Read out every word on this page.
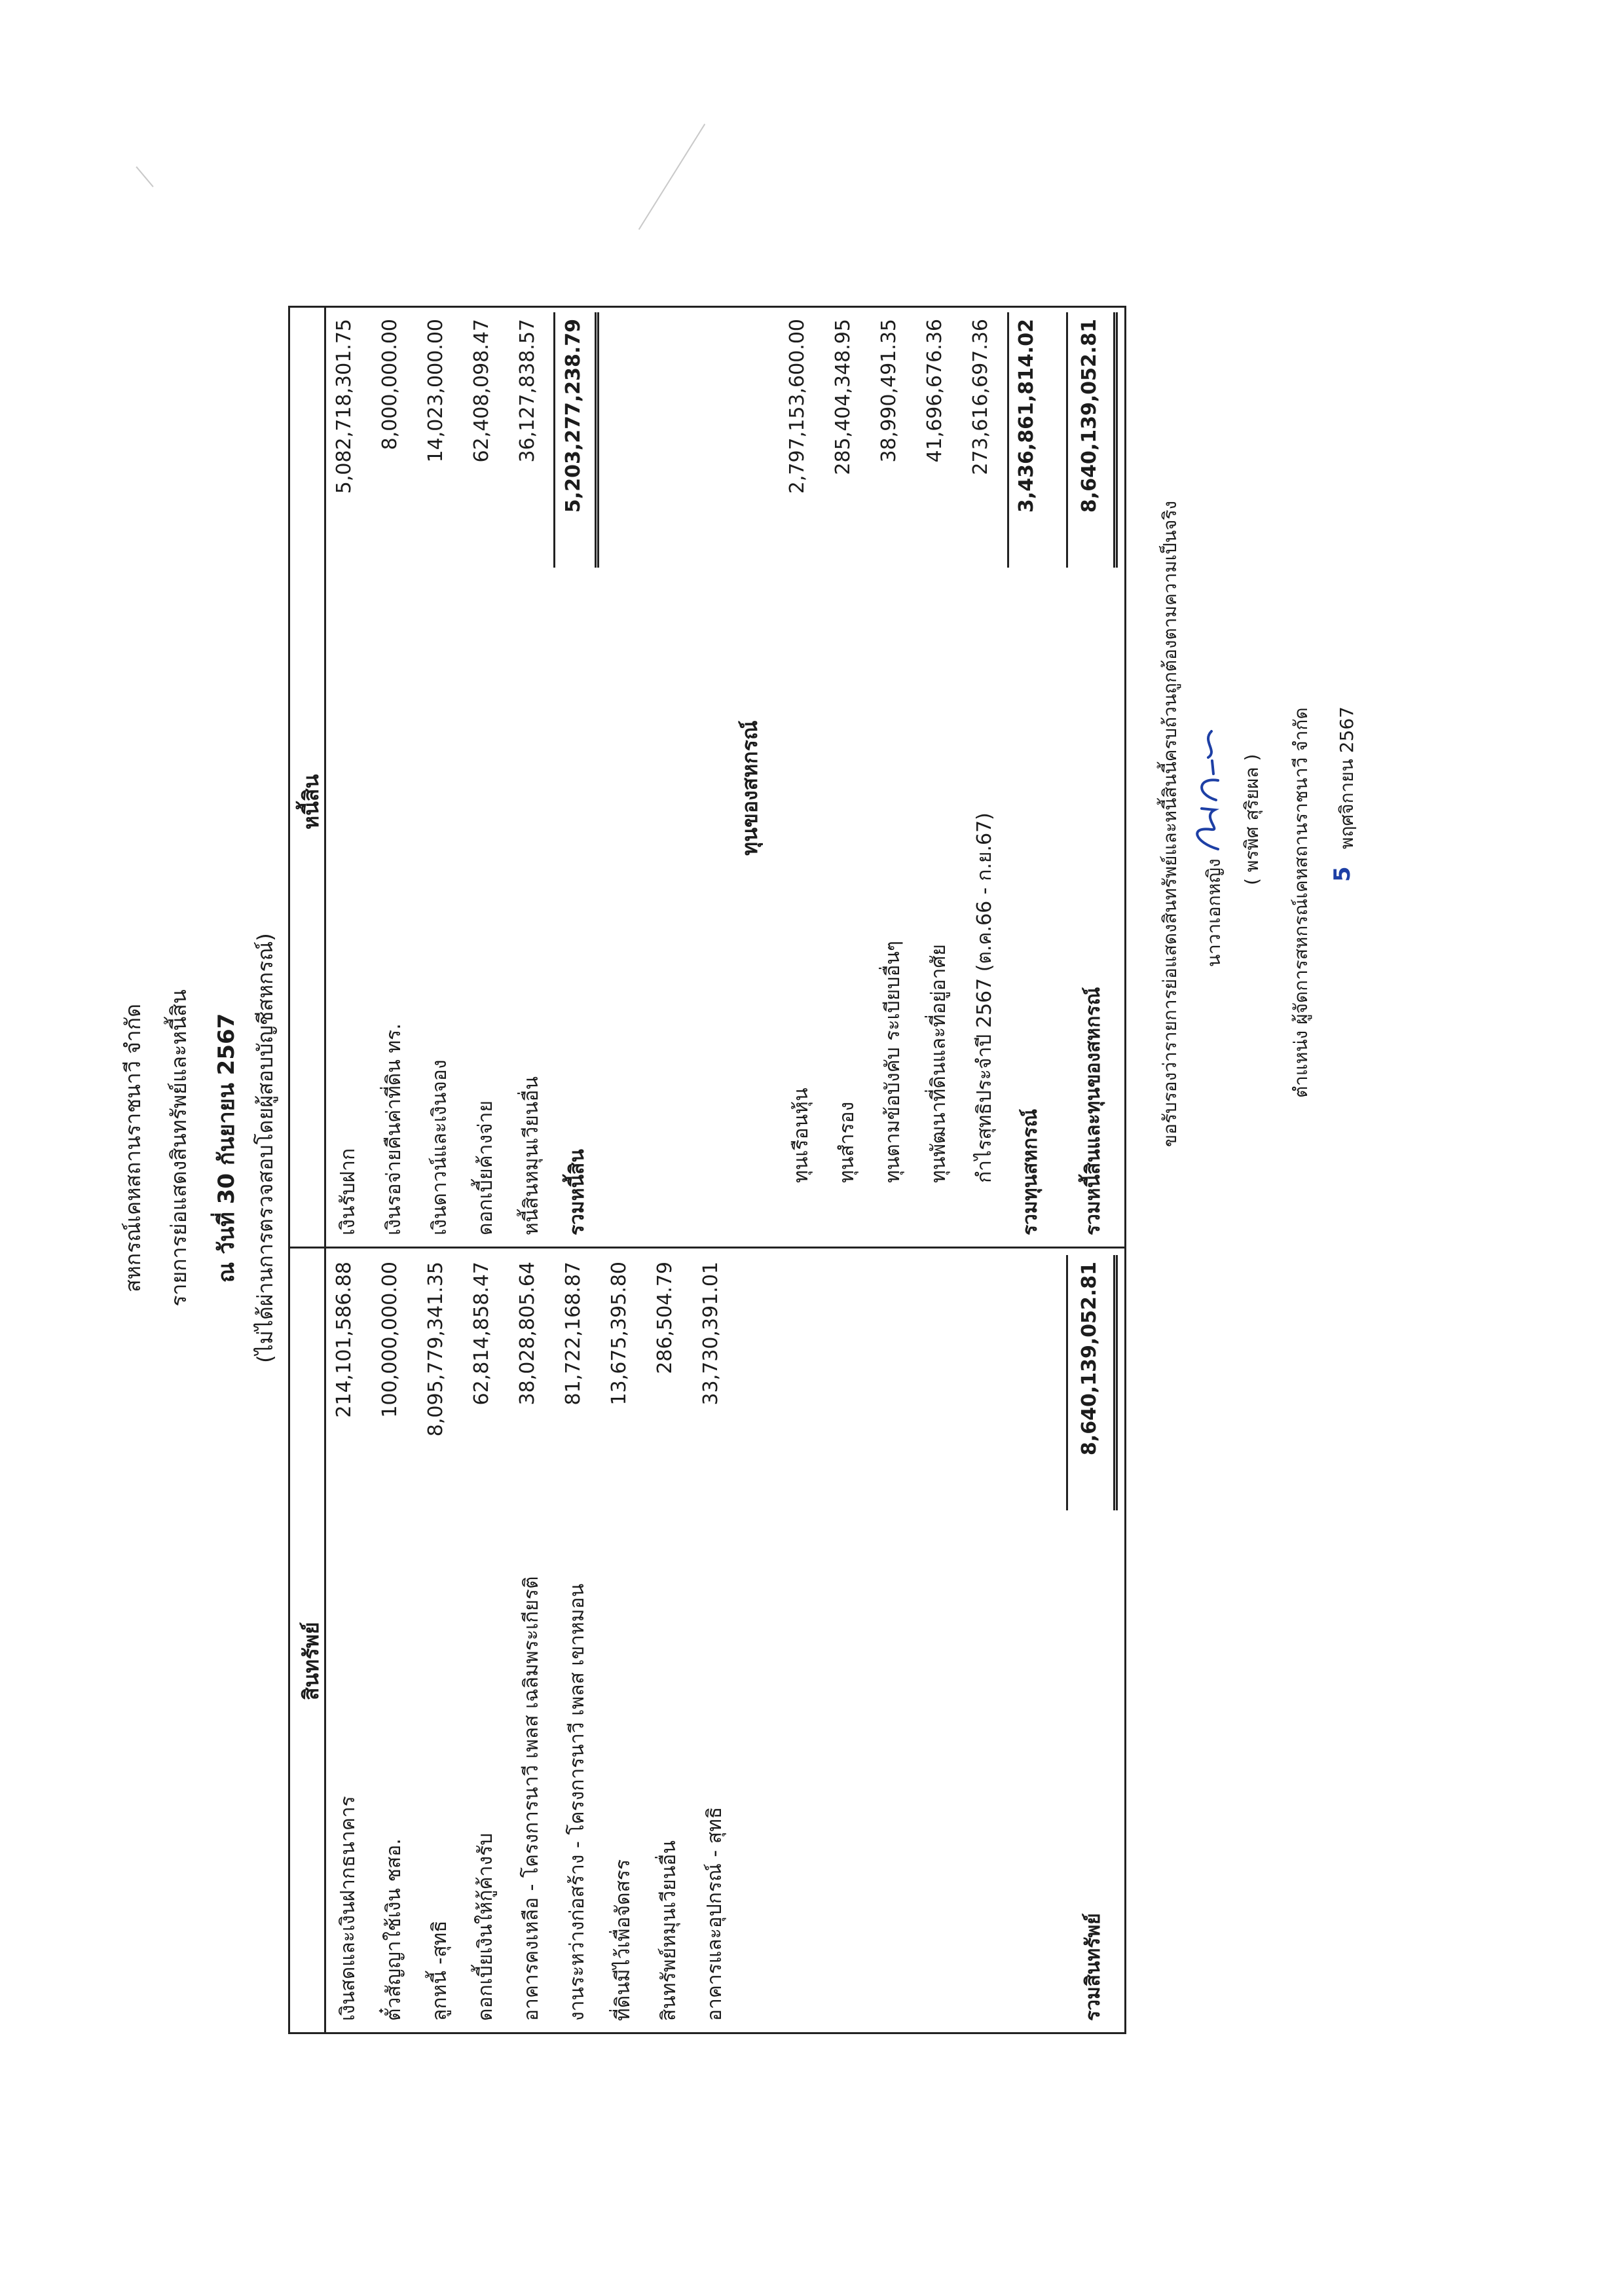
สหกรณ์เคหสถานราชนาวี จำกัด รายการย่อแสดงสินทรัพย์และหนี้สิน ณ วันที่ 30 กันยายน 2567 (ไม่ได้ผ่านการตรวจสอบโดยผู้สอบบัญชีสหกรณ์)
สินทรัพย์
หนี้สิน
เงินสดและเงินฝากธนาคาร
214,101,586.88
ตั๋วสัญญาใช้เงิน ชสอ.
100,000,000.00
ลูกหนี้ -สุทธิ
8,095,779,341.35
ดอกเบี้ยเงินให้กู้ค้างรับ
62,814,858.47
อาคารคงเหลือ - โครงการนาวี เพลส เฉลิมพระเกียรติ
38,028,805.64
งานระหว่างก่อสร้าง - โครงการนาวี เพลส เขาหมอน
81,722,168.87
ที่ดินมีไว้เพื่อจัดสรร
13,675,395.80
สินทรัพย์หมุนเวียนอื่น
286,504.79
อาคารและอุปกรณ์ - สุทธิ
33,730,391.01
รวมสินทรัพย์
8,640,139,052.81
เงินรับฝาก
5,082,718,301.75
เงินรอจ่ายคืนค่าที่ดิน ทร.
8,000,000.00
เงินดาวน์และเงินจอง
14,023,000.00
ดอกเบี้ยค้างจ่าย
62,408,098.47
หนี้สินหมุนเวียนอื่น
36,127,838.57
รวมหนี้สิน
5,203,277,238.79
ทุนของสหกรณ์
ทุนเรือนหุ้น
2,797,153,600.00
ทุนสำรอง
285,404,348.95
ทุนตามข้อบังคับ ระเบียบอื่นๆ
38,990,491.35
ทุนพัฒนาที่ดินและที่อยู่อาศัย
41,696,676.36
กำไรสุทธิประจำปี 2567 (ต.ค.66 - ก.ย.67)
273,616,697.36
รวมทุนสหกรณ์
3,436,861,814.02
รวมหนี้สินและทุนของสหกรณ์
8,640,139,052.81
ขอรับรองว่ารายการย่อแสดงสินทรัพย์และหนี้สินนี้ครบถ้วนถูกต้องตามความเป็นจริง นาวาเอกหญิง
( พรพิศ สุริยผล ) ตำแหน่ง ผู้จัดการสหกรณ์เคหสถานราชนาวี จำกัด 5
พฤศจิกายน 2567
